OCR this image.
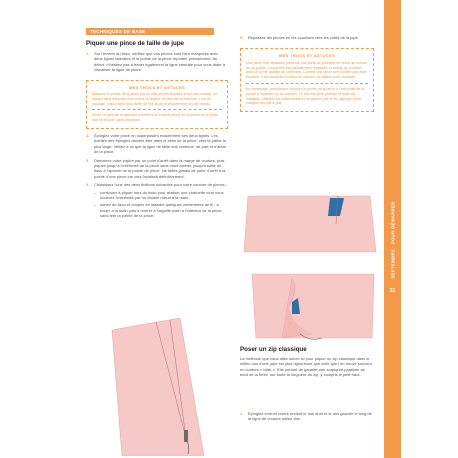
TECHNIQUES DE BASE
Piquer une pince de taille de jupe
1.	Sur l'envers du tissu, vérifiez que vos pinces sont bien marquées avec deux lignes latérales et la pointe de la pince reportée précisément. Au début, n'hésitez pas à tracer également la ligne centrale pour vous aider à visualiser la ligne de pliure.
MES TRUCS ET ASTUCES
Marquez la pointe de la pince par un trait perpendiculaire à son axe central, en faisant ainsi déborder d'un moins la largeur du pied de la machine. Lors du piquage, il aura ainsi plus facile de finir la pince exactement au bon niveau.
Sinon, le pied de la machine s'arrêtera à l'endroit précis où la pointe de la pince doit se trouver, sans dépasser.
2.	Épinglez votre pince en superposant exactement ses deux lignes. Les pointes des épingles doivent être dans le sens de la pince, vers la partie la plus large. Veillez à ce que la ligne de taille soit continue, de part et d'autre de la pince.
3.	Démarrez votre piqûre par un point d'arrêt dans la marge de couture, puis piquez jusqu'à l'extrémité de la pince sans vous arrêter, jusqu'à sortir du tissu à l'aplomb de la pointe de pince. Ne faites jamais de point d'arrêt à la pointe d'une pince car cela l'épaissit définitivement.
4.	Choisissez l'une des deux finitions suivantes pour votre couture de pinces :
– continuez à piquer hors du tissu pour réaliser une chaînette dont vous nouerez l'extrémité par un double nœud à la main ;
– sortez du tissu et coupez en laissant quelques centimètres de fil ; à nouer à la main puis à rentrer à l'aiguille main à l'intérieur de la pince, sans tirer la pointe de la pince.
5.	Repassez les pinces en les couchant vers les côtés de la jupe.
MES TRUCS ET ASTUCES
Une pince mal repassée présente une sorte de pochette en creux au niveau de sa pointe. Lorsqu'elle est parfaitement repassée, la pointe se confond avec la forme globale du vêtement. Comme une pince sert à créer une zone bombée, il est conseillé d'utiliser un coussin de tailleur pour repasser.
Au repassage, positionnez toujours la pointe de la pince à l'extrémité de la pointe à repasser ou du coussin. Le dos est ainsi protégé et évite les marques. Utilisez une pattemouille et ne glissez pas le fer, appuyez pour marquer les plis à plat.
Poser un zip classique
La méthode que vous allez suivre ici pour piquer un zip classique dans le milieu dos d'une jupe est plus rigoureuse que celle que l'on trouve souvent en couture « loisir ». Elle permet de garantir une surpiqûre parallèle au bord de la fente, sur toute la longueur du zip, y compris le petit haut.
1.	Épinglez endroit contre endroit le dos droit et le dos gauche le long de la ligne de couture milieu dos.
SEPTEMBRE · POUR DÉMARRER
51
